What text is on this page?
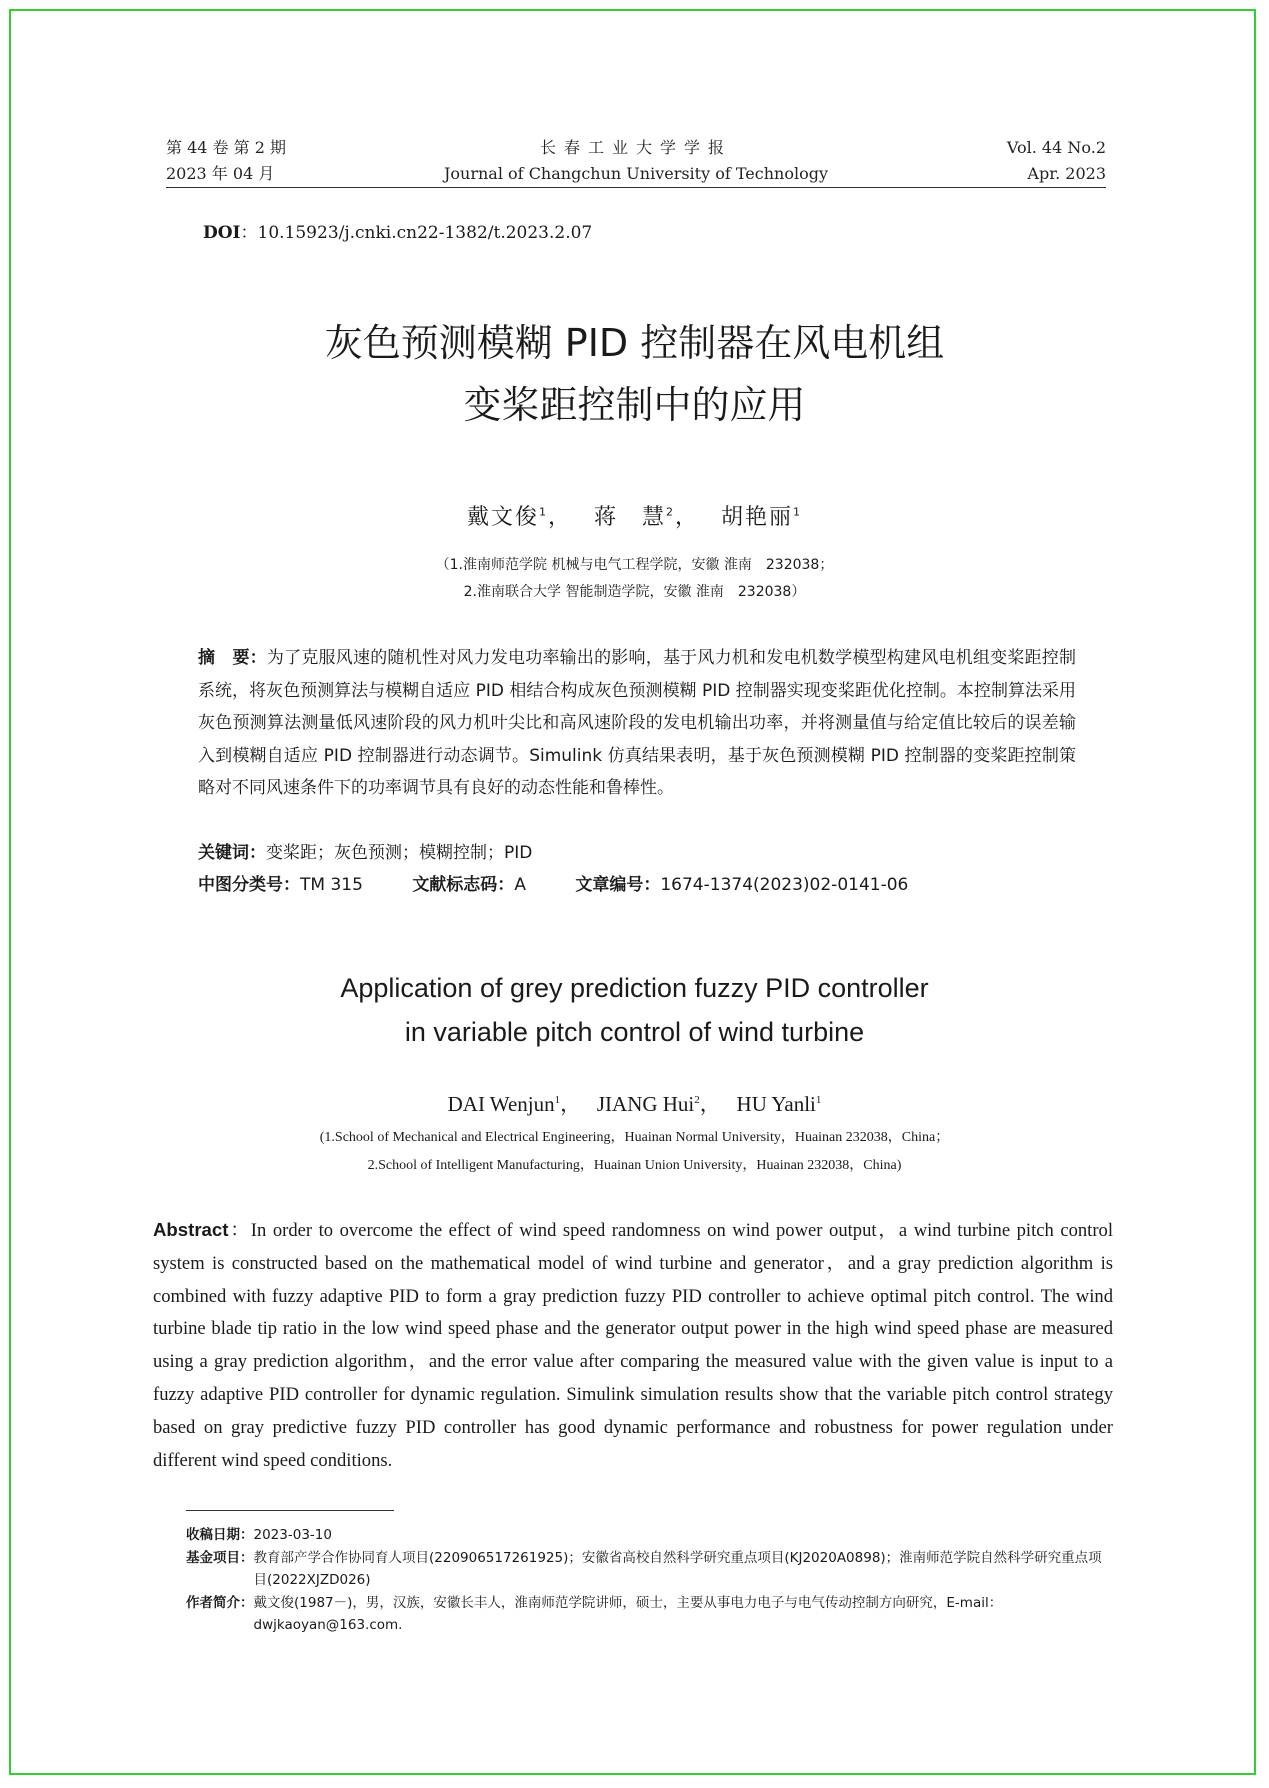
第 44 卷 第 2 期
2023 年 04 月
长春工业大学学报
Journal of Changchun University of Technology
Vol. 44 No.2
Apr. 2023
DOI：10.15923/j.cnki.cn22-1382/t.2023.2.07
灰色预测模糊 PID 控制器在风电机组
变桨距控制中的应用
戴文俊$^1$，　 蒋　慧$^2$，　 胡艳丽$^1$
（1.淮南师范学院 机械与电气工程学院，安徽 淮南　232038；
2.淮南联合大学 智能制造学院，安徽 淮南　232038）
摘　要：为了克服风速的随机性对风力发电功率输出的影响，基于风力机和发电机数学模型构建风电机组变桨距控制系统，将灰色预测算法与模糊自适应 PID 相结合构成灰色预测模糊 PID 控制器实现变桨距优化控制。本控制算法采用灰色预测算法测量低风速阶段的风力机叶尖比和高风速阶段的发电机输出功率，并将测量值与给定值比较后的误差输入到模糊自适应 PID 控制器进行动态调节。Simulink 仿真结果表明，基于灰色预测模糊 PID 控制器的变桨距控制策略对不同风速条件下的功率调节具有良好的动态性能和鲁棒性。
关键词：变桨距；灰色预测；模糊控制；PID
中图分类号：TM 315	文献标志码：A	文章编号：1674-1374(2023)02-0141-06
Application of grey prediction fuzzy PID controller
in variable pitch control of wind turbine
DAI Wenjun$^1$，　 JIANG Hui$^2$，　 HU Yanli$^1$
(1.School of Mechanical and Electrical Engineering，Huainan Normal University，Huainan 232038，China；
2.School of Intelligent Manufacturing，Huainan Union University，Huainan 232038，China)
Abstract：In order to overcome the effect of wind speed randomness on wind power output，a wind turbine pitch control system is constructed based on the mathematical model of wind turbine and generator，and a gray prediction algorithm is combined with fuzzy adaptive PID to form a gray prediction fuzzy PID controller to achieve optimal pitch control. The wind turbine blade tip ratio in the low wind speed phase and the generator output power in the high wind speed phase are measured using a gray prediction algorithm，and the error value after comparing the measured value with the given value is input to a fuzzy adaptive PID controller for dynamic regulation. Simulink simulation results show that the variable pitch control strategy based on gray predictive fuzzy PID controller has good dynamic performance and robustness for power regulation under different wind speed conditions.
收稿日期： 2023-03-10
基金项目： 教育部产学合作协同育人项目(220906517261925)；安徽省高校自然科学研究重点项目(KJ2020A0898)；淮南师范学院自然科学研究重点项目(2022XJZD026)
作者简介： 戴文俊(1987－)，男，汉族，安徽长丰人，淮南师范学院讲师，硕士，主要从事电力电子与电气传动控制方向研究，E-mail：dwjkaoyan@163.com.
